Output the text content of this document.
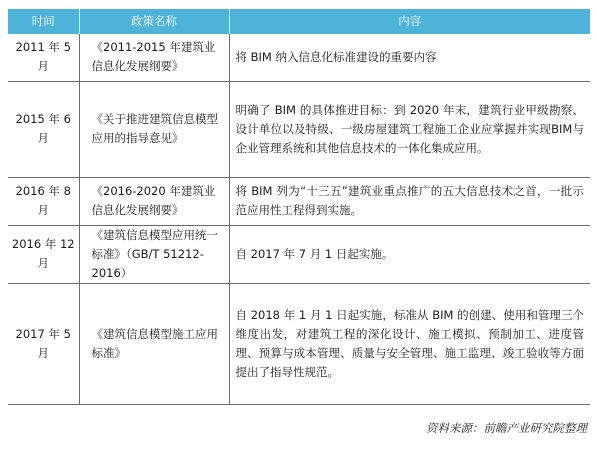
时间	政策名称	内容
2011 年 5 月	《2011-2015 年建筑业信息化发展纲要》	将 BIM 纳入信息化标准建设的重要内容
2015 年 6 月	《关于推进建筑信息模型应用的指导意见》	明确了 BIM 的具体推进目标：到 2020 年末，建筑行业甲级勘察、设计单位以及特级、一级房屋建筑工程施工企业应掌握并实现BIM与企业管理系统和其他信息技术的一体化集成应用。
2016 年 8 月	《2016-2020 年建筑业信息化发展纲要》	将 BIM 列为“十三五”建筑业重点推广的五大信息技术之首，一批示范应用性工程得到实施。
2016 年 12 月	《建筑信息模型应用统一标准》（GB/T 51212-2016）	自 2017 年 7 月 1 日起实施。
2017 年 5 月	《建筑信息模型施工应用标准》	自 2018 年 1 月 1 日起实施，标准从 BIM 的创建、使用和管理三个维度出发，对建筑工程的深化设计、施工模拟、预制加工、进度管理、预算与成本管理、质量与安全管理、施工监理、竣工验收等方面提出了指导性规范。
资料来源：前瞻产业研究院整理
